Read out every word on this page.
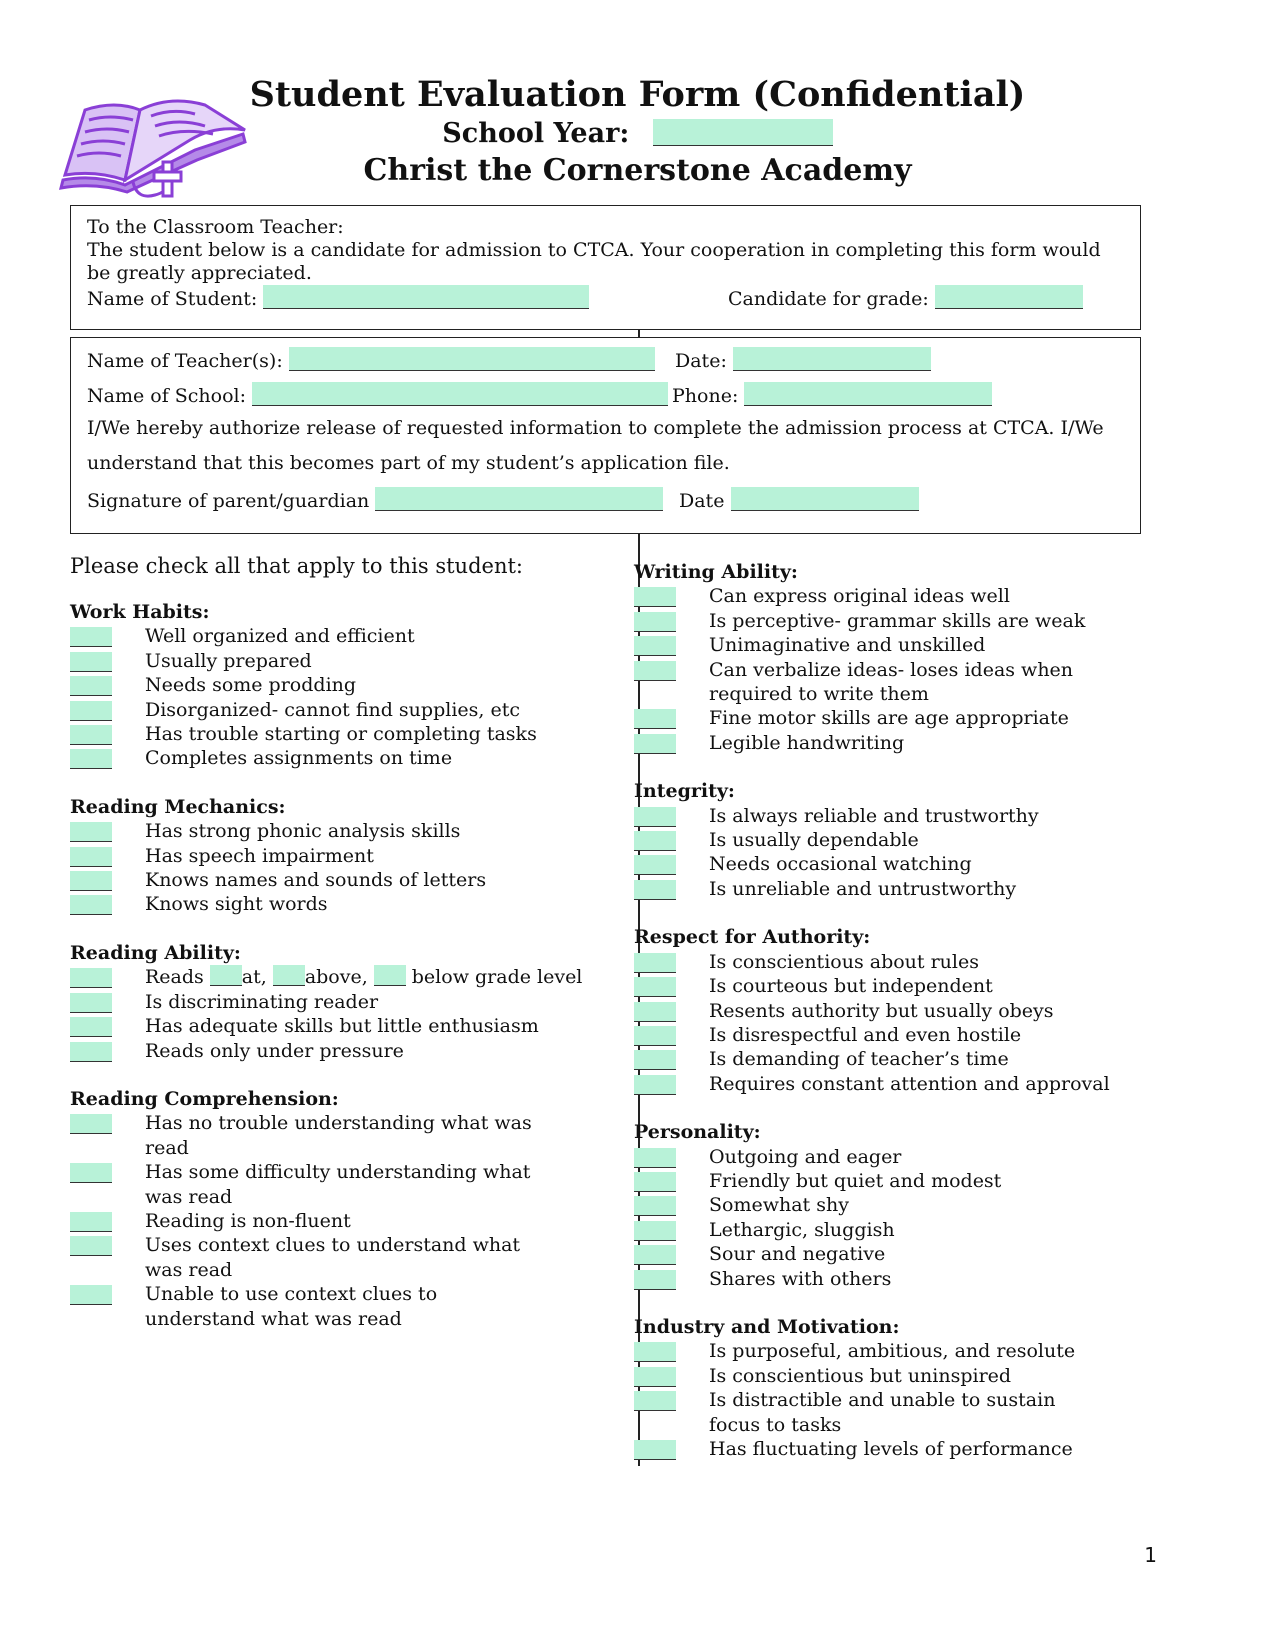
Student Evaluation Form (Confidential)
School Year:
Christ the Cornerstone Academy
To the Classroom Teacher:
The student below is a candidate for admission to CTCA. Your cooperation in completing this form would
be greatly appreciated.
Name of Student:	Candidate for grade:
Name of Teacher(s):	Date:
Name of School:	Phone:
I/We hereby authorize release of requested information to complete the admission process at CTCA. I/We
understand that this becomes part of my student’s application file.
Signature of parent/guardian	Date
Please check all that apply to this student:
Work Habits:
Well organized and efficient
Usually prepared
Needs some prodding
Disorganized- cannot find supplies, etc
Has trouble starting or completing tasks
Completes assignments on time
Reading Mechanics:
Has strong phonic analysis skills
Has speech impairment
Knows names and sounds of letters
Knows sight words
Reading Ability:
Reads at, above, below grade level
Is discriminating reader
Has adequate skills but little enthusiasm
Reads only under pressure
Reading Comprehension:
Has no trouble understanding what was
read
Has some difficulty understanding what
was read
Reading is non-fluent
Uses context clues to understand what
was read
Unable to use context clues to
understand what was read
Writing Ability:
Can express original ideas well
Is perceptive- grammar skills are weak
Unimaginative and unskilled
Can verbalize ideas- loses ideas when
required to write them
Fine motor skills are age appropriate
Legible handwriting
Integrity:
Is always reliable and trustworthy
Is usually dependable
Needs occasional watching
Is unreliable and untrustworthy
Respect for Authority:
Is conscientious about rules
Is courteous but independent
Resents authority but usually obeys
Is disrespectful and even hostile
Is demanding of teacher’s time
Requires constant attention and approval
Personality:
Outgoing and eager
Friendly but quiet and modest
Somewhat shy
Lethargic, sluggish
Sour and negative
Shares with others
Industry and Motivation:
Is purposeful, ambitious, and resolute
Is conscientious but uninspired
Is distractible and unable to sustain
focus to tasks
Has fluctuating levels of performance
1
